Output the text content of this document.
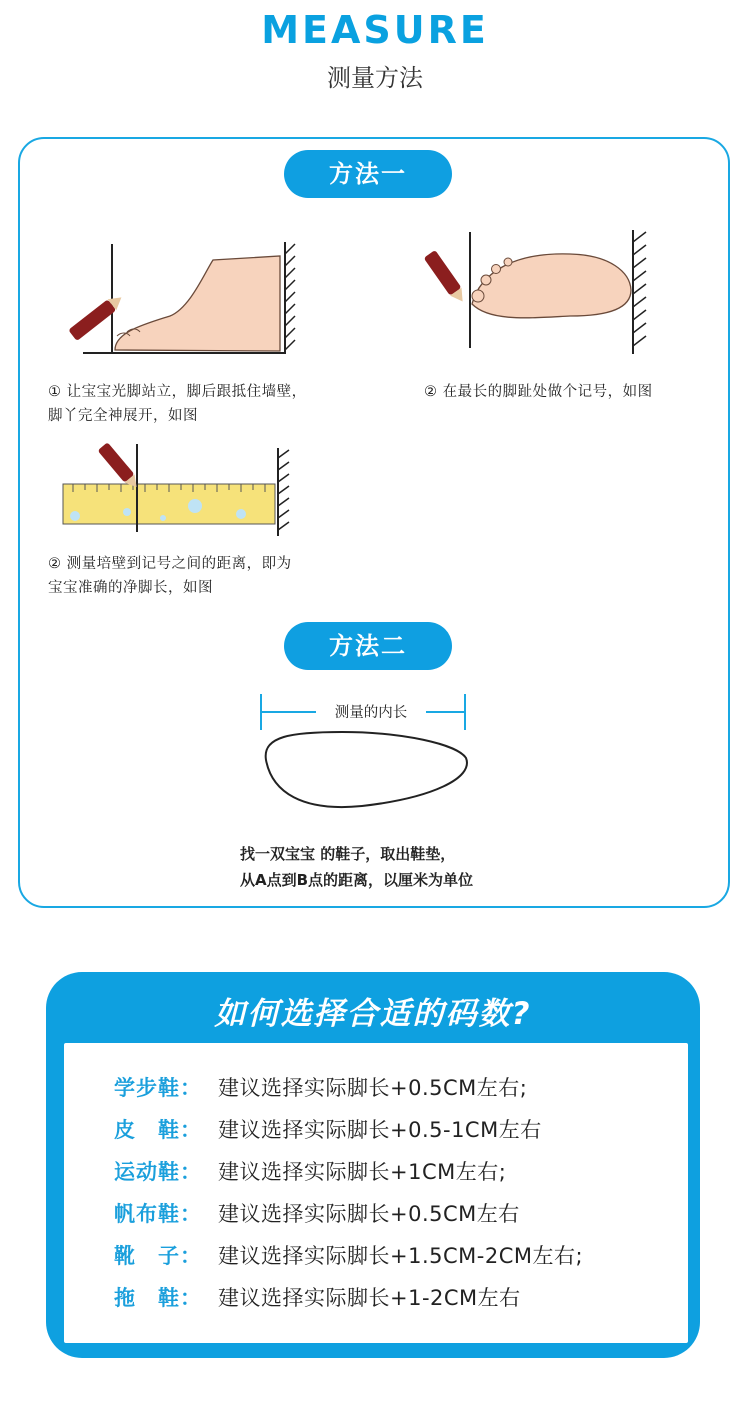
MEASURE
测量方法
方法一
① 让宝宝光脚站立，脚后跟抵住墙壁，
脚丫完全神展开，如图
② 在最长的脚趾处做个记号，如图
② 测量培壁到记号之间的距离，即为
宝宝准确的净脚长，如图
方法二
测量的内长
找一双宝宝 的鞋子，取出鞋垫，
从A点到B点的距离，以厘米为单位
如何选择合适的码数?
学步鞋： 建议选择实际脚长+0.5CM左右;
皮　鞋： 建议选择实际脚长+0.5-1CM左右
运动鞋： 建议选择实际脚长+1CM左右;
帆布鞋： 建议选择实际脚长+0.5CM左右
靴　子： 建议选择实际脚长+1.5CM-2CM左右;
拖　鞋： 建议选择实际脚长+1-2CM左右
